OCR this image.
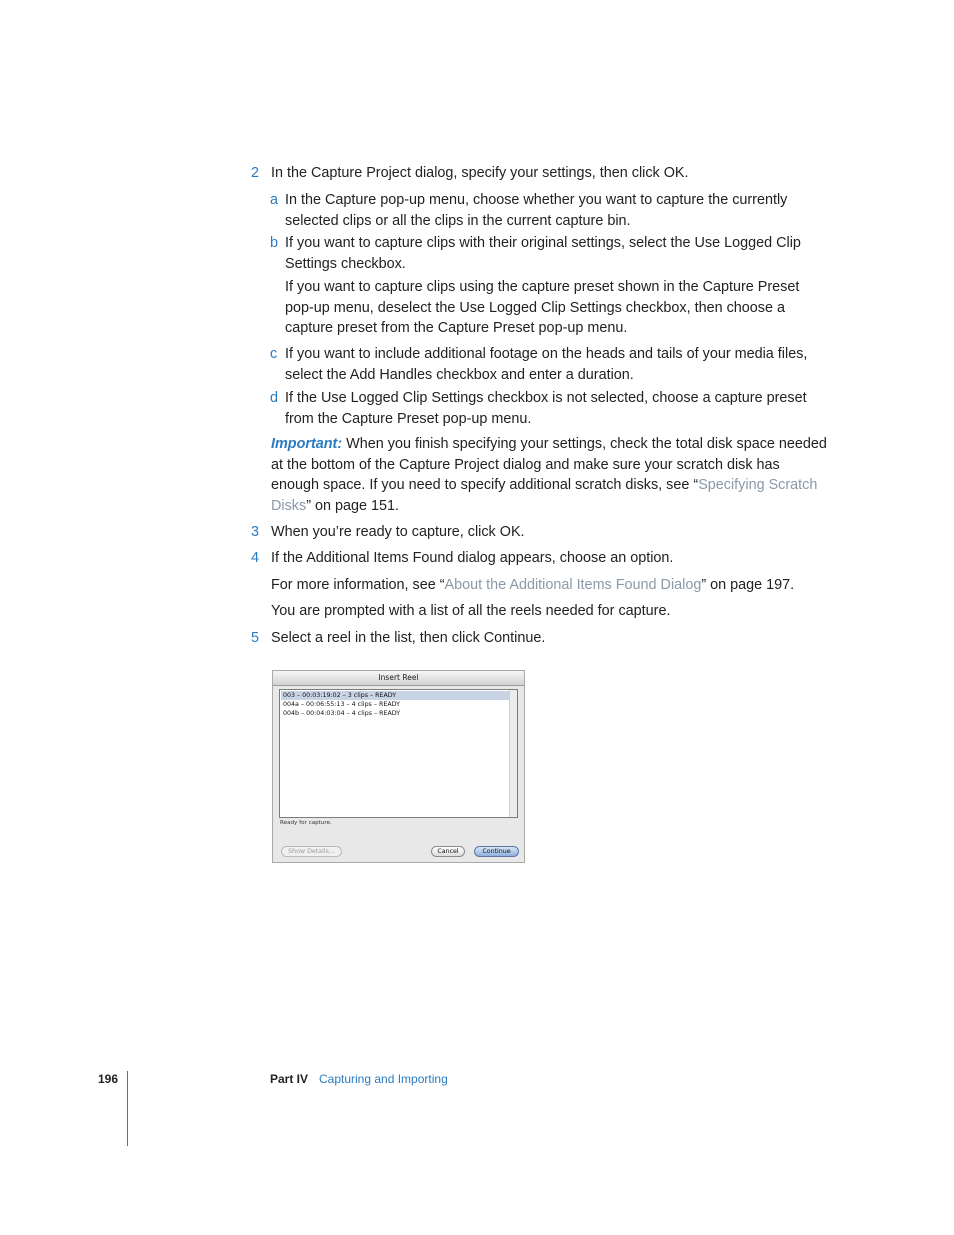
2 In the Capture Project dialog, specify your settings, then click OK.
a In the Capture pop-up menu, choose whether you want to capture the currently selected clips or all the clips in the current capture bin.
b If you want to capture clips with their original settings, select the Use Logged Clip Settings checkbox.
If you want to capture clips using the capture preset shown in the Capture Preset pop-up menu, deselect the Use Logged Clip Settings checkbox, then choose a capture preset from the Capture Preset pop-up menu.
c If you want to include additional footage on the heads and tails of your media files, select the Add Handles checkbox and enter a duration.
d If the Use Logged Clip Settings checkbox is not selected, choose a capture preset from the Capture Preset pop-up menu.
Important: When you finish specifying your settings, check the total disk space needed at the bottom of the Capture Project dialog and make sure your scratch disk has enough space. If you need to specify additional scratch disks, see “Specifying Scratch Disks” on page 151.
3 When you’re ready to capture, click OK.
4 If the Additional Items Found dialog appears, choose an option.
For more information, see “About the Additional Items Found Dialog” on page 197.
You are prompted with a list of all the reels needed for capture.
5 Select a reel in the list, then click Continue.
Insert Reel
003 – 00:03:19:02 – 3 clips – READY
004a – 00:06:55:13 – 4 clips – READY
004b – 00:04:03:04 – 4 clips – READY
Ready for capture.
Show Details...	Cancel	Continue
196	Part IV Capturing and Importing
